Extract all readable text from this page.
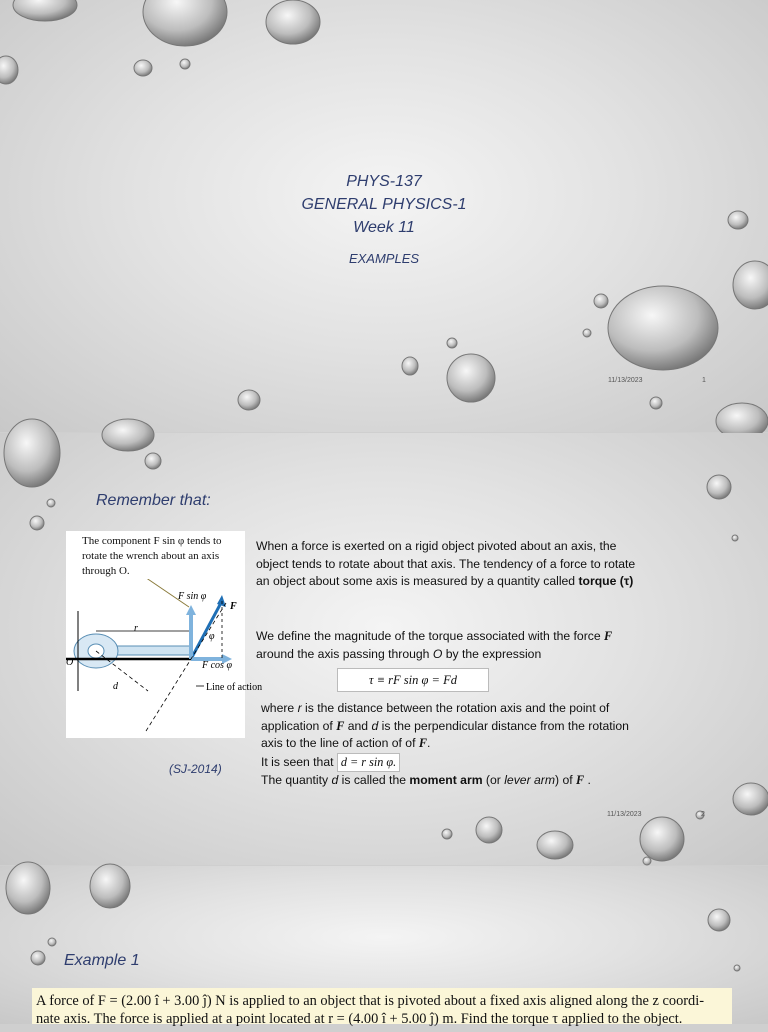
PHYS-137
GENERAL PHYSICS-1
Week 11
EXAMPLES
11/13/2023	1
Remember that:
F sin φ
F
F cos φ
r
φ
d
O
Line of action
The component F sin φ tends to rotate the wrench about an axis through O.
(SJ-2014)
When a force is exerted on a rigid object pivoted about an axis, the object tends to rotate about that axis. The tendency of a force to rotate an object about some axis is measured by a quantity called torque (τ)
We define the magnitude of the torque associated with the force F around the axis passing through O by the expression
τ ≡ rF sin φ = Fd
where r is the distance between the rotation axis and the point of application of F and d is the perpendicular distance from the rotation axis to the line of action of of F.
It is seen that d = r sin φ.
The quantity d is called the moment arm (or lever arm) of F .
11/13/2023	2
Example 1
A force of F = (2.00 î + 3.00 ĵ) N is applied to an object that is pivoted about a fixed axis aligned along the z coordi-
nate axis. The force is applied at a point located at r = (4.00 î + 5.00 ĵ) m. Find the torque τ applied to the object.
